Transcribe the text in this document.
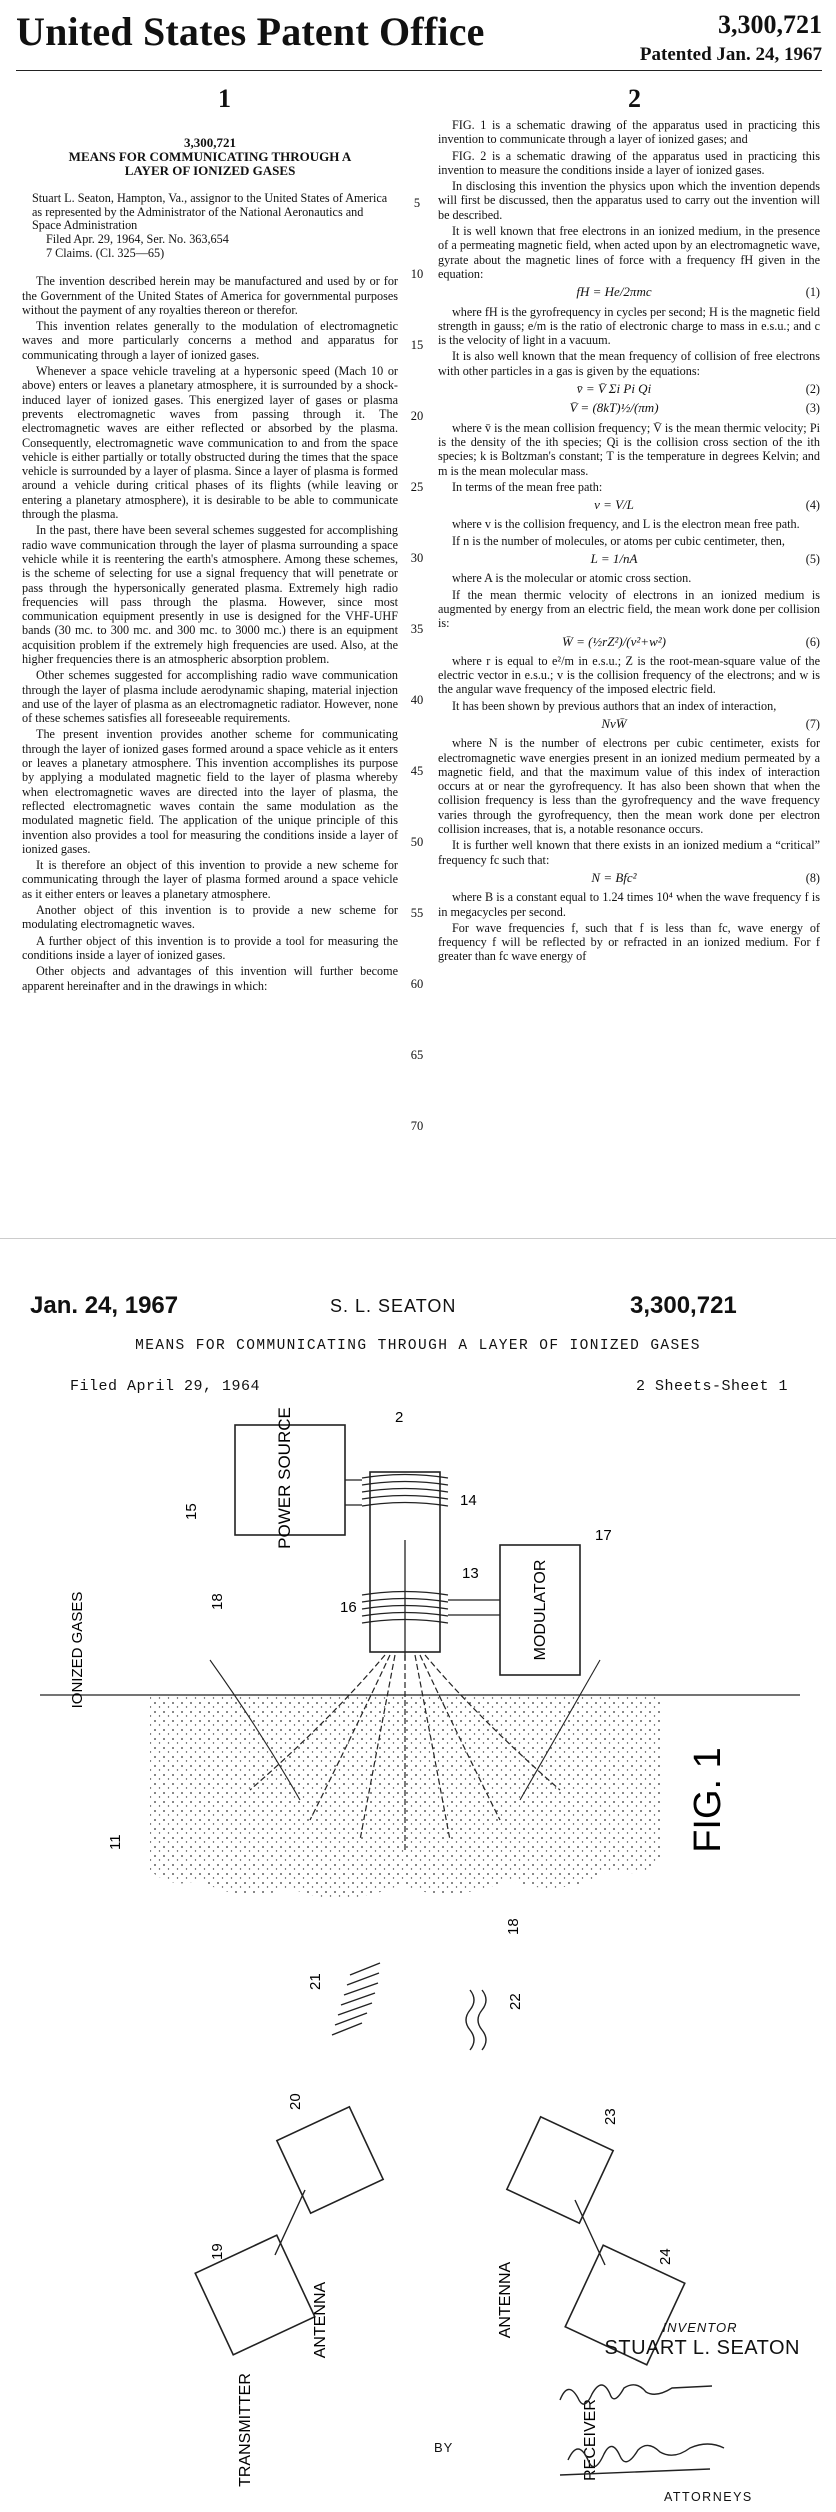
United States Patent Office	3,300,721
Patented Jan. 24, 1967
1	2
3,300,721
MEANS FOR COMMUNICATING THROUGH A LAYER OF IONIZED GASES
Stuart L. Seaton, Hampton, Va., assignor to the United States of America as represented by the Administrator of the National Aeronautics and Space Administration
Filed Apr. 29, 1964, Ser. No. 363,654
7 Claims. (Cl. 325—65)

The invention described herein may be manufactured and used by or for the Government of the United States of America for governmental purposes without the payment of any royalties thereon or therefor.

This invention relates generally to the modulation of electromagnetic waves and more particularly concerns a method and apparatus for communicating through a layer of ionized gases.

Whenever a space vehicle traveling at a hypersonic speed (Mach 10 or above) enters or leaves a planetary atmosphere, it is surrounded by a shock-induced layer of ionized gases. This energized layer of gases or plasma prevents electromagnetic waves from passing through it. The electromagnetic waves are either reflected or absorbed by the plasma. Consequently, electromagnetic wave communication to and from the space vehicle is either partially or totally obstructed during the times that the space vehicle is surrounded by a layer of plasma. Since a layer of plasma is formed around a vehicle during critical phases of its flights (while leaving or entering a planetary atmosphere), it is desirable to be able to communicate through the plasma.

In the past, there have been several schemes suggested for accomplishing radio wave communication through the layer of plasma surrounding a space vehicle while it is reentering the earth's atmosphere. Among these schemes, is the scheme of selecting for use a signal frequency that will penetrate or pass through the hypersonically generated plasma. Extremely high radio frequencies will pass through the plasma. However, since most communication equipment presently in use is designed for the VHF-UHF bands (30 mc. to 300 mc. and 300 mc. to 3000 mc.) there is an equipment acquisition problem if the extremely high frequencies are used. Also, at the higher frequencies there is an atmospheric absorption problem.

Other schemes suggested for accomplishing radio wave communication through the layer of plasma include aerodynamic shaping, material injection and use of the layer of plasma as an electromagnetic radiator. However, none of these schemes satisfies all foreseeable requirements.

The present invention provides another scheme for communicating through the layer of ionized gases formed around a space vehicle as it enters or leaves a planetary atmosphere. This invention accomplishes its purpose by applying a modulated magnetic field to the layer of plasma whereby when electromagnetic waves are directed into the layer of plasma, the reflected electromagnetic waves contain the same modulation as the modulated magnetic field. The application of the unique principle of this invention also provides a tool for measuring the conditions inside a layer of ionized gases.

It is therefore an object of this invention to provide a new scheme for communicating through the layer of plasma formed around a space vehicle as it either enters or leaves a planetary atmosphere.

Another object of this invention is to provide a new scheme for modulating electromagnetic waves.

A further object of this invention is to provide a tool for measuring the conditions inside a layer of ionized gases.

Other objects and advantages of this invention will further become apparent hereinafter and in the drawings in which:

5
10
15
20
25
30
35
40
45
50
55
60
65
70

FIG. 1 is a schematic drawing of the apparatus used in practicing this invention to communicate through a layer of ionized gases; and

FIG. 2 is a schematic drawing of the apparatus used in practicing this invention to measure the conditions inside a layer of ionized gases.

In disclosing this invention the physics upon which the invention depends will first be discussed, then the apparatus used to carry out the invention will be described.

It is well known that free electrons in an ionized medium, in the presence of a permeating magnetic field, when acted upon by an electromagnetic wave, gyrate about the magnetic lines of force with a frequency fH given in the equation:

fH = He/2πmc	(1)

where fH is the gyrofrequency in cycles per second; H is the magnetic field strength in gauss; e/m is the ratio of electronic charge to mass in e.s.u.; and c is the velocity of light in a vacuum.

It is also well known that the mean frequency of collision of free electrons with other particles in a gas is given by the equations:

v̄ = V̄ Σi Pi Qi	(2)
V̄ = (8kT)½/(πm)	(3)

where v̄ is the mean collision frequency; V̄ is the mean thermic velocity; Pi is the density of the ith species; Qi is the collision cross section of the ith species; k is Boltzman's constant; T is the temperature in degrees Kelvin; and m is the mean molecular mass.

In terms of the mean free path:

v = V/L	(4)

where v is the collision frequency, and L is the electron mean free path.

If n is the number of molecules, or atoms per cubic centimeter, then,

L = 1/nA	(5)

where A is the molecular or atomic cross section.

If the mean thermic velocity of electrons in an ionized medium is augmented by energy from an electric field, the mean work done per collision is:

W̄ = (½rZ²)/(v²+w²)	(6)

where r is equal to e²/m in e.s.u.; Z is the root-mean-square value of the electric vector in e.s.u.; v is the collision frequency of the electrons; and w is the angular wave frequency of the imposed electric field.

It has been shown by previous authors that an index of interaction,

NvW̄	(7)

where N is the number of electrons per cubic centimeter, exists for electromagnetic wave energies present in an ionized medium permeated by a magnetic field, and that the maximum value of this index of interaction occurs at or near the gyrofrequency. It has also been shown that when the collision frequency is less than the gyrofrequency and the wave frequency varies through the gyrofrequency, then the mean work done per electron collision increases, that is, a notable resonance occurs.

It is further well known that there exists in an ionized medium a “critical” frequency fc such that:

N = Bfc²	(8)

where B is a constant equal to 1.24 times 10⁴ when the wave frequency f is in megacycles per second.

For wave frequencies f, such that f is less than fc, wave energy of frequency f will be reflected by or refracted in an ionized medium. For f greater than fc wave energy of

Jan. 24, 1967	S. L. SEATON	3,300,721
MEANS FOR COMMUNICATING THROUGH A LAYER OF IONIZED GASES
Filed April 29, 1964	2 Sheets-Sheet 1
POWER SOURCE
MODULATOR
IONIZED GASES
FIG. 1
TRANSMITTER
ANTENNA	ANTENNA
RECEIVER
2
14
15
13
17
16
18
18
11
21
22
20
23
19	24
INVENTOR
STUART L. SEATON
BY
ATTORNEYS
